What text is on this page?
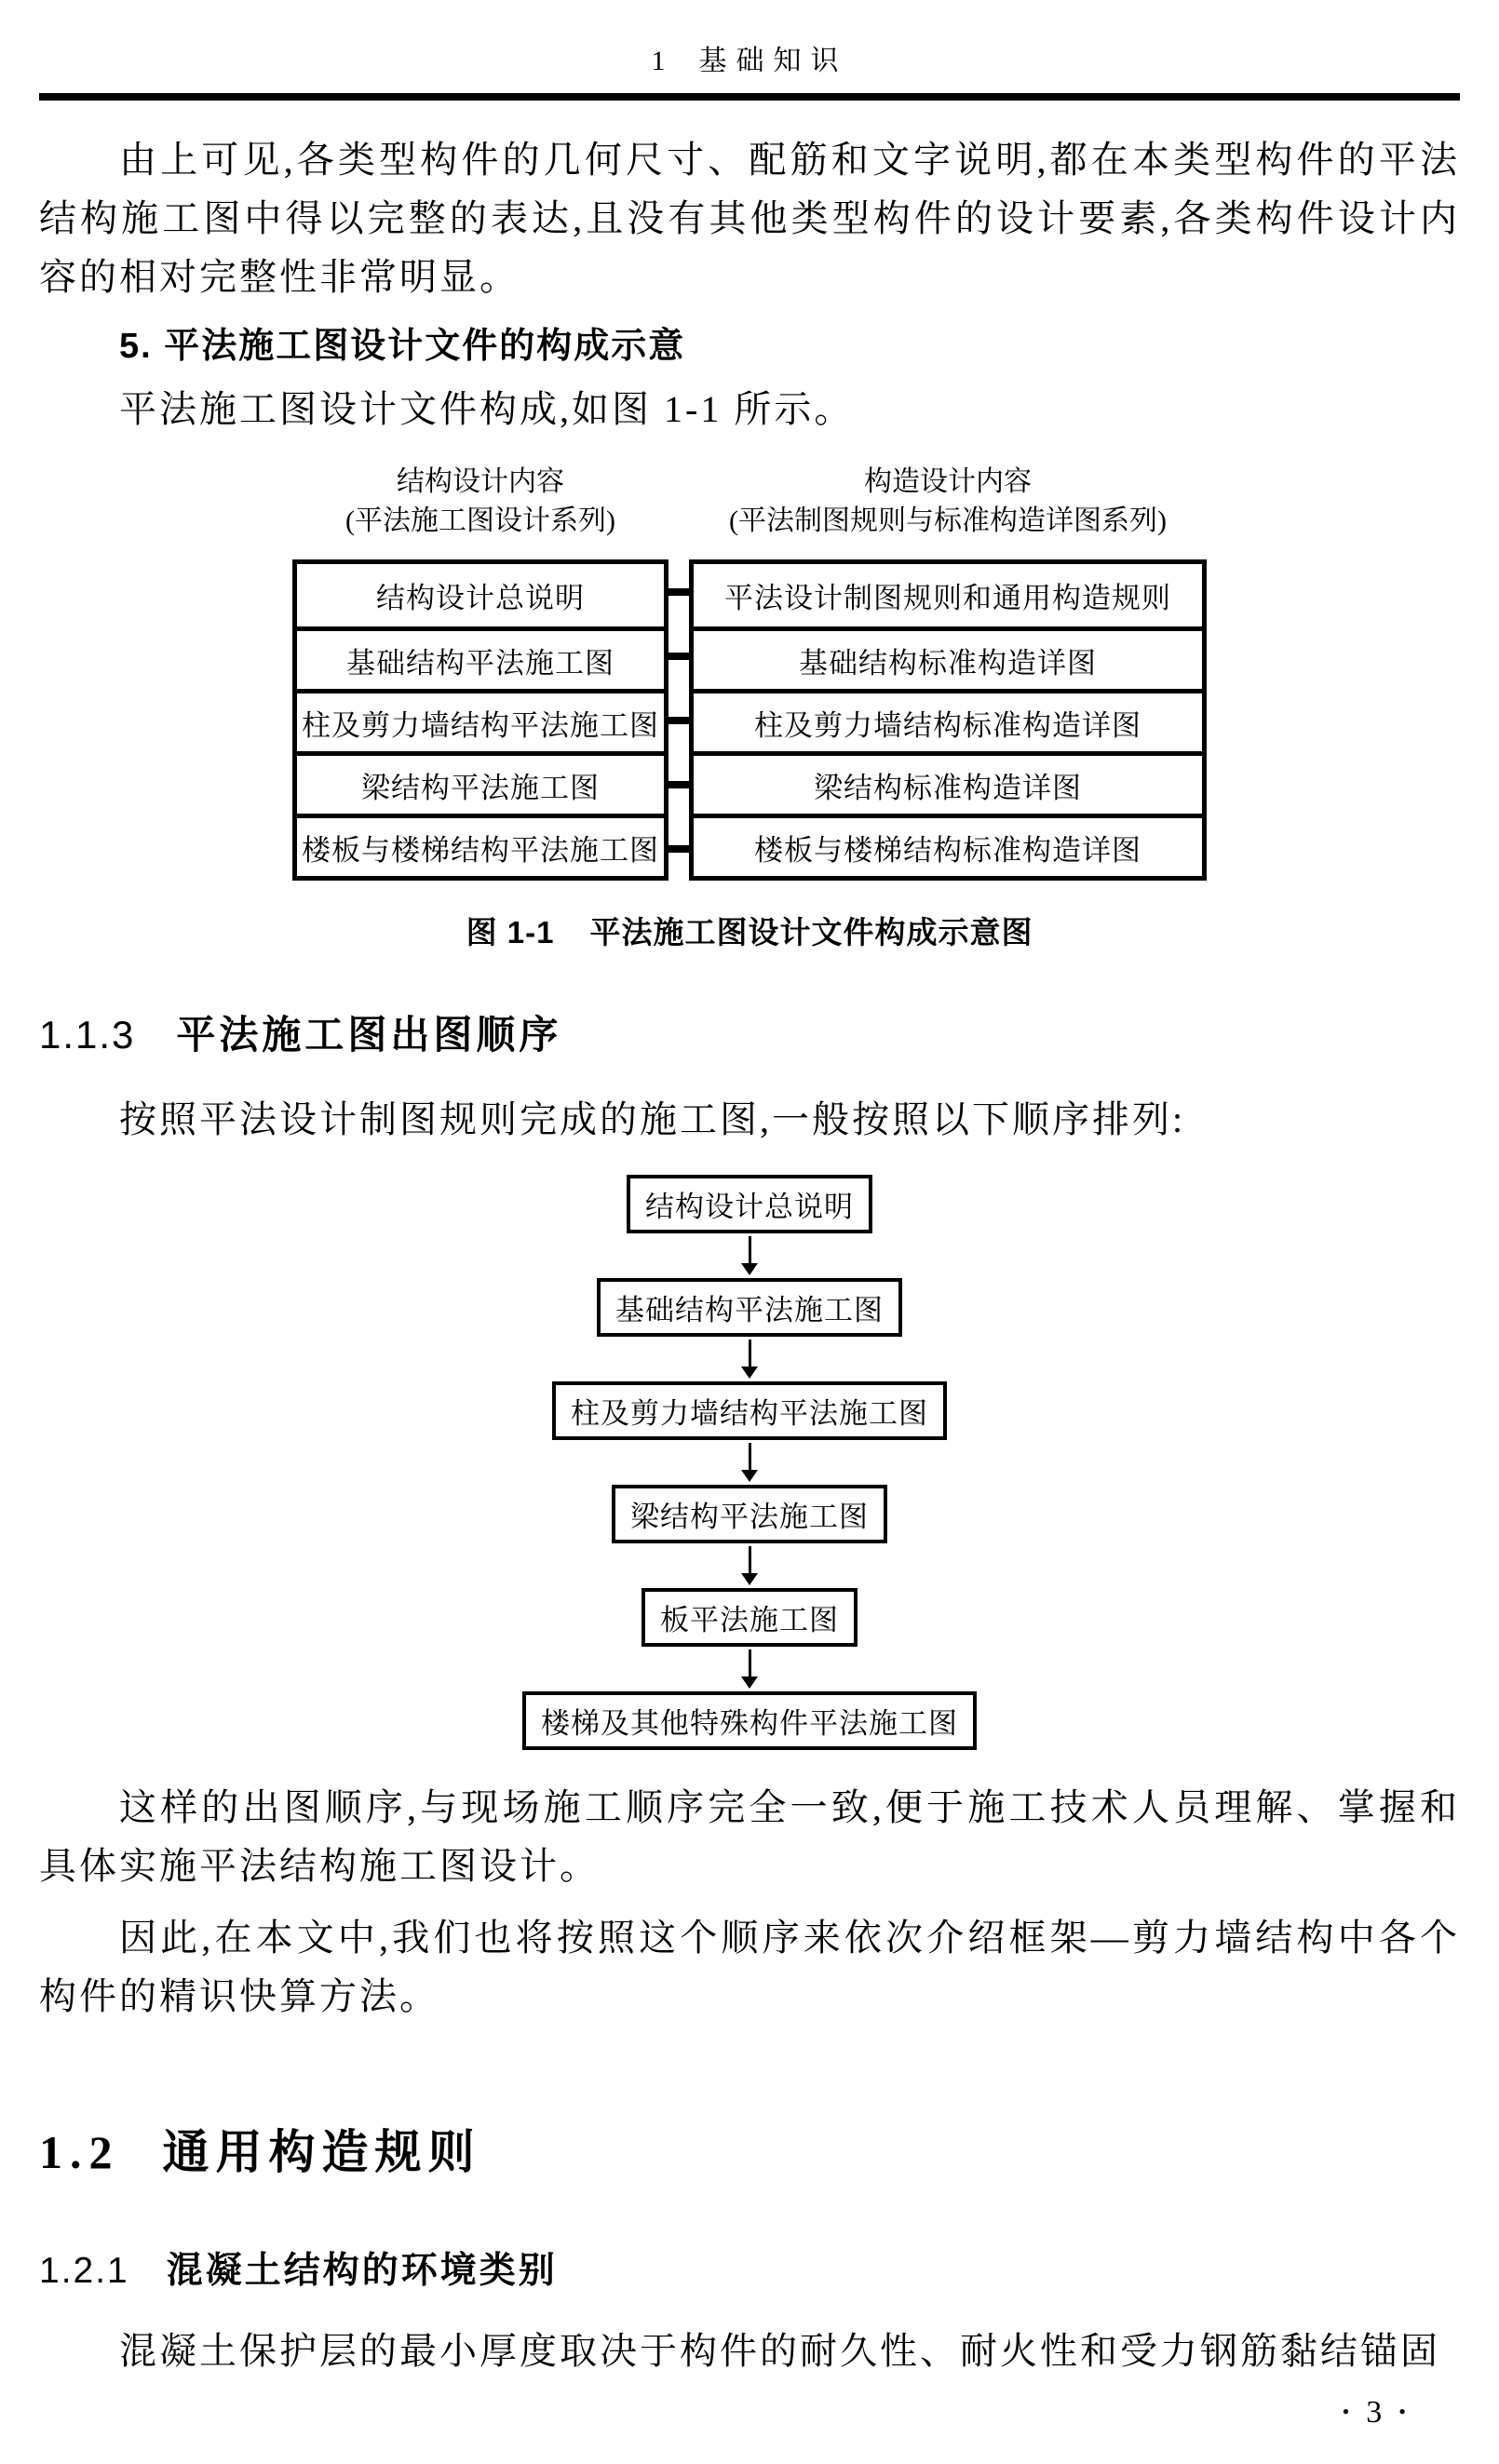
1 基础知识
由上可见,各类型构件的几何尺寸、配筋和文字说明,都在本类型构件的平法
结构施工图中得以完整的表达,且没有其他类型构件的设计要素,各类构件设计内
容的相对完整性非常明显。
5. 平法施工图设计文件的构成示意
平法施工图设计文件构成,如图 1-1 所示。
结构设计内容
(平法施工图设计系列)
构造设计内容
(平法制图规则与标准构造详图系列)
结构设计总说明
基础结构平法施工图
柱及剪力墙结构平法施工图
梁结构平法施工图
楼板与楼梯结构平法施工图
平法设计制图规则和通用构造规则
基础结构标准构造详图
柱及剪力墙结构标准构造详图
梁结构标准构造详图
楼板与楼梯结构标准构造详图
图 1-1 平法施工图设计文件构成示意图
1.1.3 平法施工图出图顺序
按照平法设计制图规则完成的施工图,一般按照以下顺序排列:
结构设计总说明
基础结构平法施工图
柱及剪力墙结构平法施工图
梁结构平法施工图
板平法施工图
楼梯及其他特殊构件平法施工图
这样的出图顺序,与现场施工顺序完全一致,便于施工技术人员理解、掌握和
具体实施平法结构施工图设计。
因此,在本文中,我们也将按照这个顺序来依次介绍框架—剪力墙结构中各个
构件的精识快算方法。
1.2 通用构造规则
1.2.1 混凝土结构的环境类别
混凝土保护层的最小厚度取决于构件的耐久性、耐火性和受力钢筋黏结锚固
• 3 •
